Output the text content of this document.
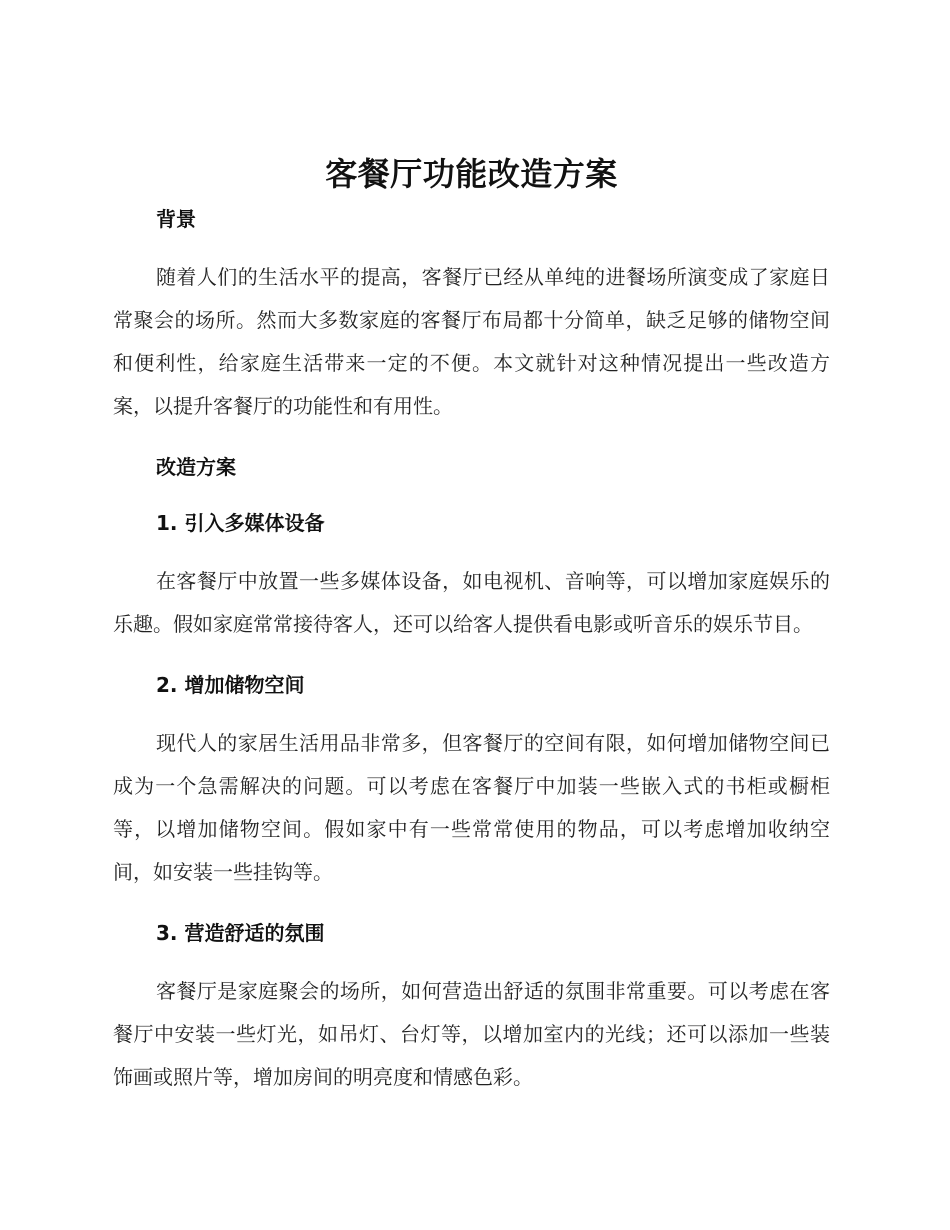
客餐厅功能改造方案
背景

随着人们的生活水平的提高，客餐厅已经从单纯的进餐场所演变成了家庭日常聚会的场所。然而大多数家庭的客餐厅布局都十分简单，缺乏足够的储物空间和便利性，给家庭生活带来一定的不便。本文就针对这种情况提出一些改造方案，以提升客餐厅的功能性和有用性。

改造方案
1. 引入多媒体设备

在客餐厅中放置一些多媒体设备，如电视机、音响等，可以增加家庭娱乐的乐趣。假如家庭常常接待客人，还可以给客人提供看电影或听音乐的娱乐节目。

2. 增加储物空间

现代人的家居生活用品非常多，但客餐厅的空间有限，如何增加储物空间已成为一个急需解决的问题。可以考虑在客餐厅中加装一些嵌入式的书柜或橱柜等，以增加储物空间。假如家中有一些常常使用的物品，可以考虑增加收纳空间，如安装一些挂钩等。

3. 营造舒适的氛围

客餐厅是家庭聚会的场所，如何营造出舒适的氛围非常重要。可以考虑在客餐厅中安装一些灯光，如吊灯、台灯等，以增加室内的光线；还可以添加一些装饰画或照片等，增加房间的明亮度和情感色彩。
